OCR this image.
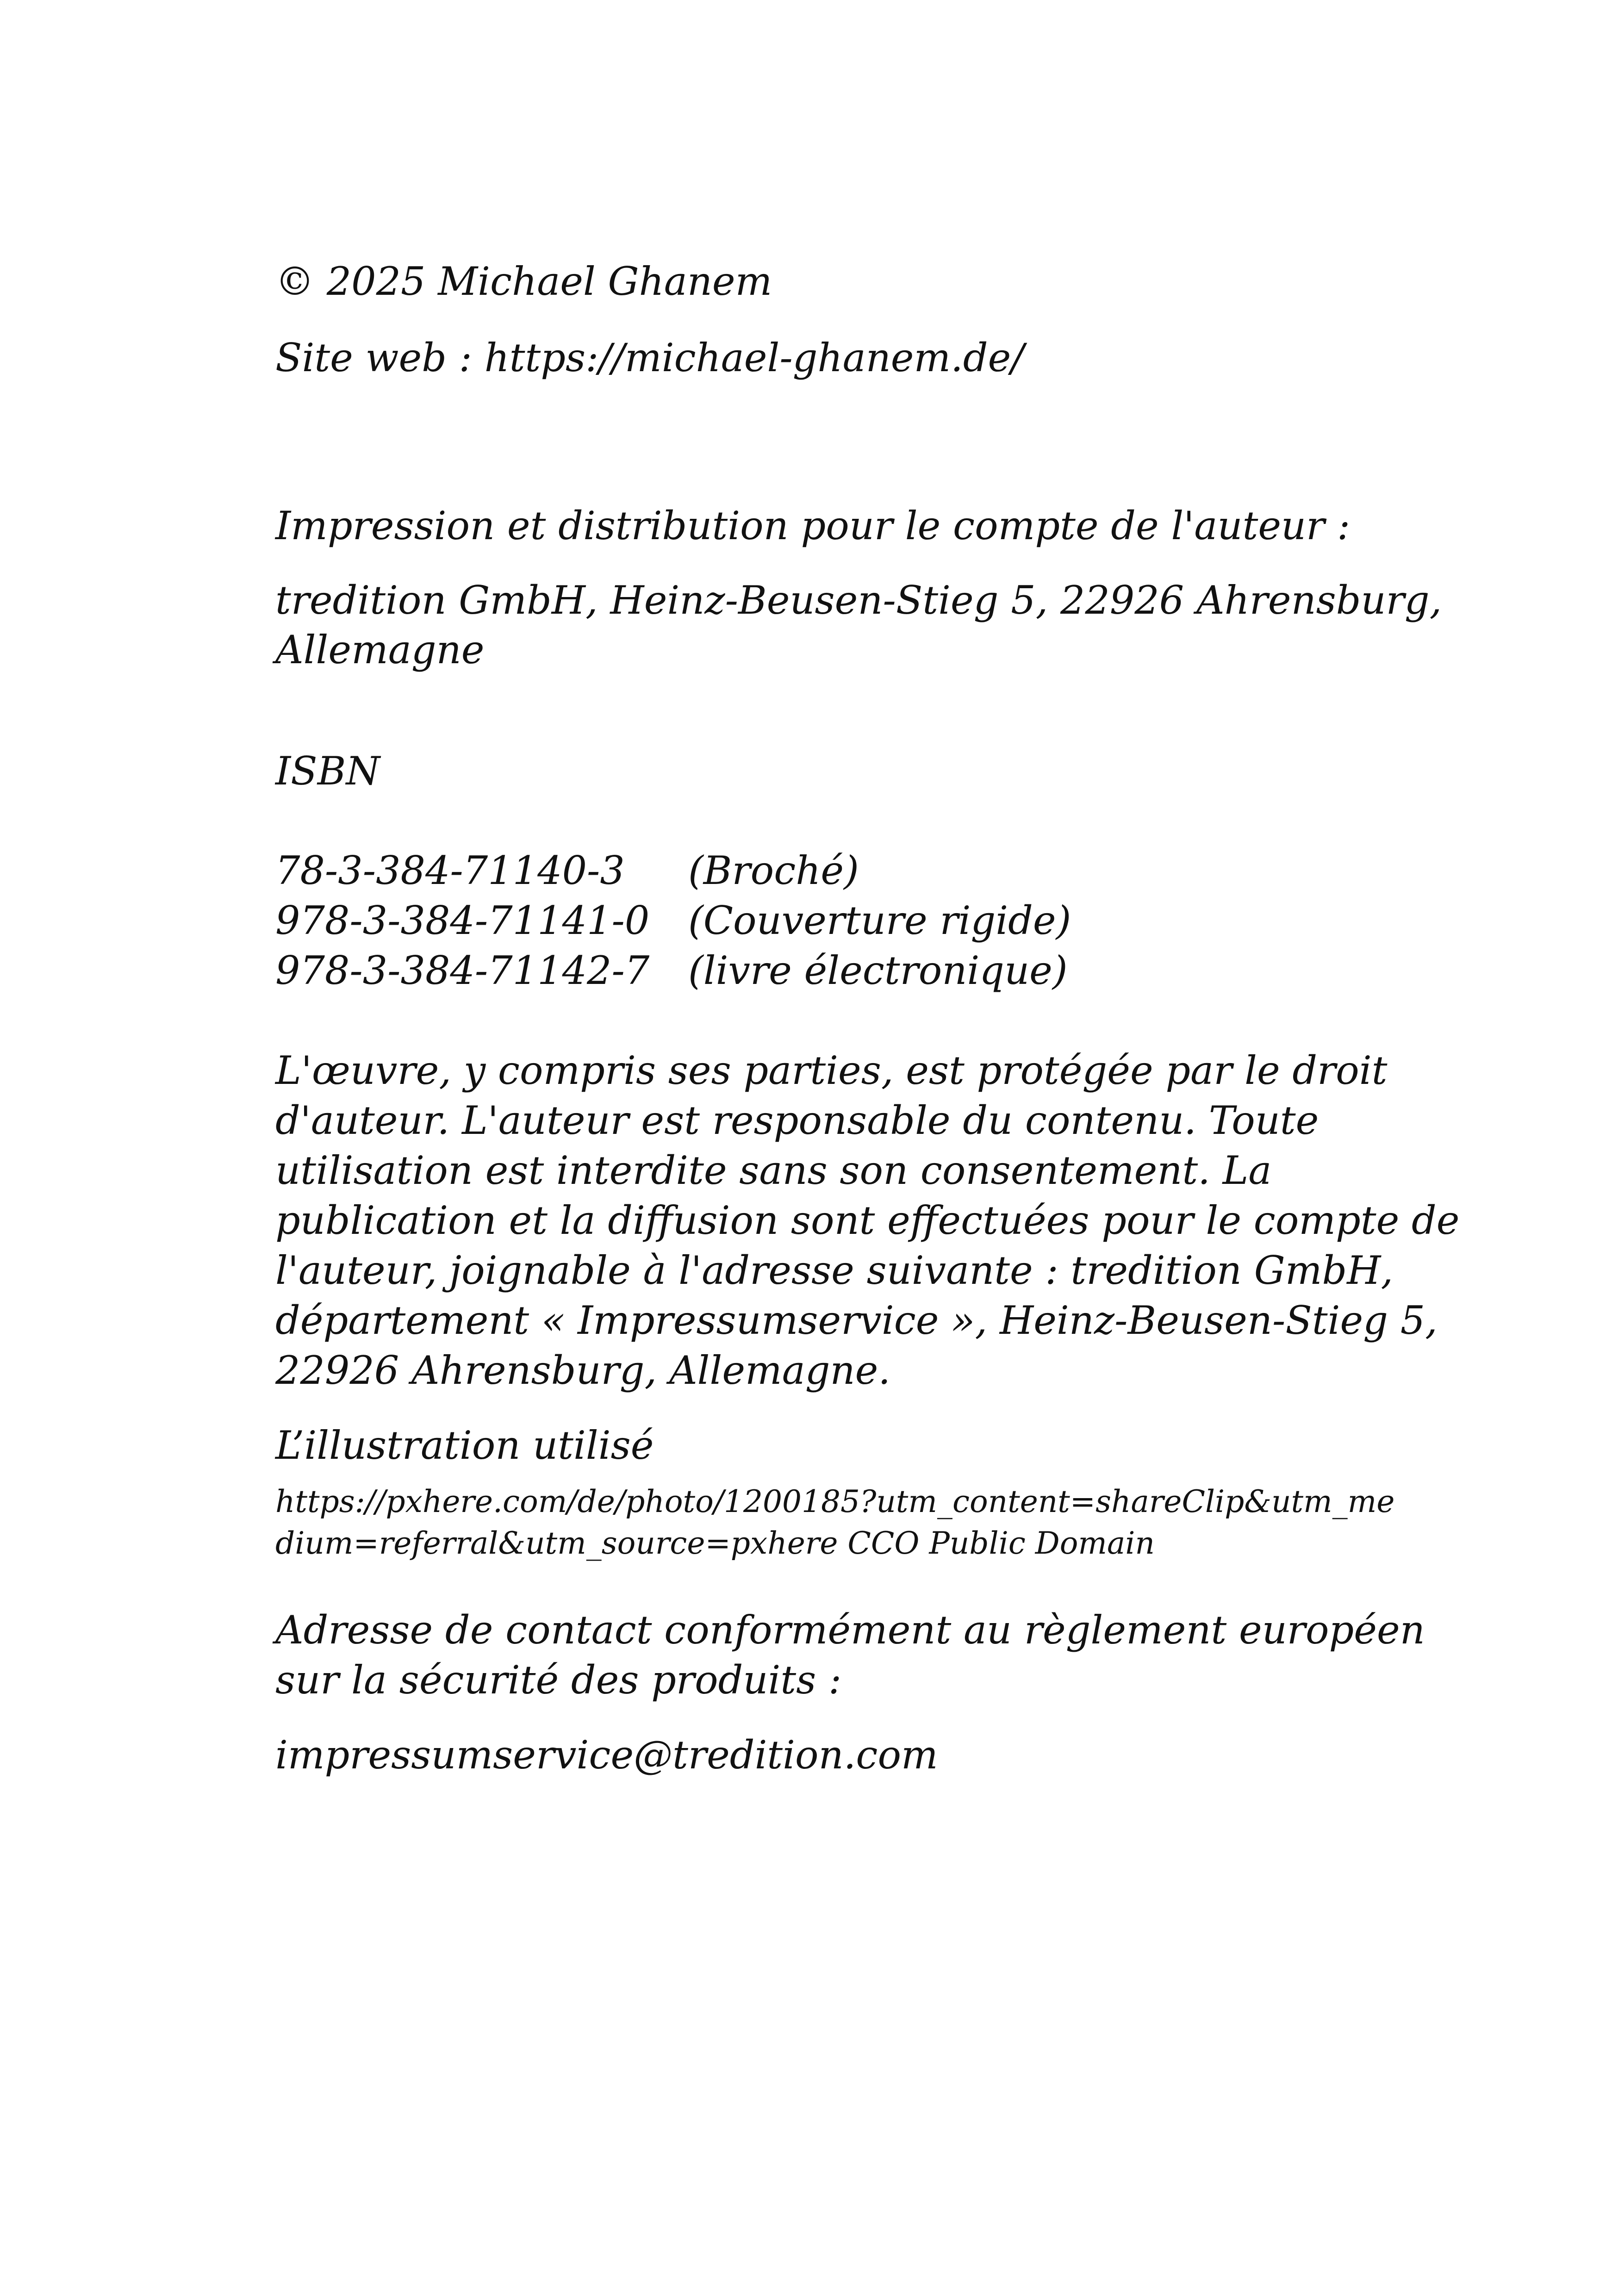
© 2025 Michael Ghanem

Site web : https://michael-ghanem.de/

Impression et distribution pour le compte de l'auteur :

tredition GmbH, Heinz-Beusen-Stieg 5, 22926 Ahrensburg,

Allemagne

ISBN

78-3-384-71140-3 (Broché)

978-3-384-71141-0 (Couverture rigide)

978-3-384-71142-7 (livre électronique)

L'œuvre, y compris ses parties, est protégée par le droit

d'auteur. L'auteur est responsable du contenu. Toute

utilisation est interdite sans son consentement. La

publication et la diffusion sont effectuées pour le compte de

l'auteur, joignable à l'adresse suivante : tredition GmbH,

département « Impressumservice », Heinz-Beusen-Stieg 5,

22926 Ahrensburg, Allemagne.

L’illustration utilisé

https://pxhere.com/de/photo/1200185?utm_content=shareClip&utm_me

dium=referral&utm_source=pxhere CCO Public Domain

Adresse de contact conformément au règlement européen

sur la sécurité des produits :

impressumservice@tredition.com
